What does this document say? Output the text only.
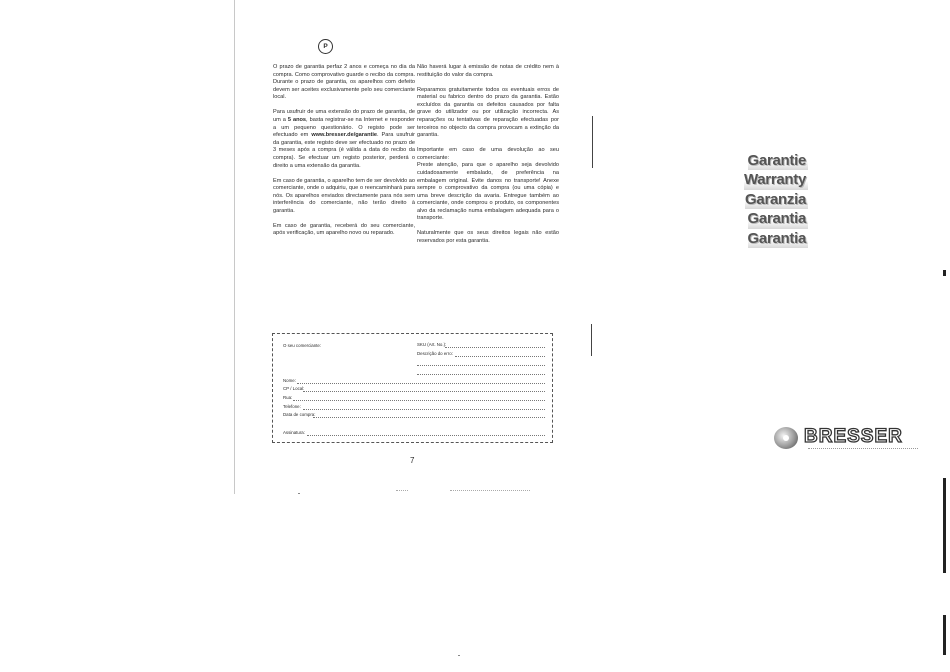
P

O prazo de garantia perfaz 2 anos e começa no dia da compra. Como comprovativo guarde o recibo da compra. Durante o prazo de garantia, os aparelhos com defeito devem ser aceites exclusivamente pelo seu comerciante local.

Para usufruir de uma extensão do prazo de garantia, de um a 5 anos, basta registrar-se na Internet e responder a um pequeno questionário. O registo pode ser efectuado em www.bresser.de/garantie. Para usufruir da garantia, este registo deve ser efectuado no prazo de 3 meses após a compra (é válida a data do recibo da compra). Se efectuar um registo posterior, perderá o direito a uma extensão da garantia.

Em caso de garantia, o aparelho tem de ser devolvido ao comerciante, onde o adquiriu, que o reencaminhará para nós. Os aparelhos enviados directamente para nós sem interferência do comerciante, não terão direito à garantia.

Em caso de garantia, receberá do seu comerciante, após verificação, um aparelho novo ou reparado.

Não haverá lugar à emissão de notas de crédito nem à restituição do valor da compra.

Reparamos gratuitamente todos os eventuais erros de material ou fabrico dentro do prazo da garantia. Estão excluídos da garantia os defeitos causados por falta grave do utilizador ou por utilização incorrecta. As reparações ou tentativas de reparação efectuadas por terceiros no objecto da compra provocam a extinção da garantia.

Importante em caso de uma devolução ao seu comerciante:

Preste atenção, para que o aparelho seja devolvido cuidadosamente embalado, de preferência na embalagem original. Evite danos no transporte! Anexe sempre o comprovativo da compra (ou uma cópia) e uma breve descrição da avaria. Entregue também ao comerciante, onde comprou o produto, os componentes alvo da reclamação numa embalagem adequada para o transporte.

Naturalmente que os seus direitos legais não estão reservados por esta garantia.

O seu comerciante:	SKU (Art. No.):
Descrição do erro:
Nome:
CP / Local:
Rua:
Telefone:
Data de compra:
Assinatura:
7
Garantie
Warranty
Garanzia
Garantia
Garantia
BRESSER
